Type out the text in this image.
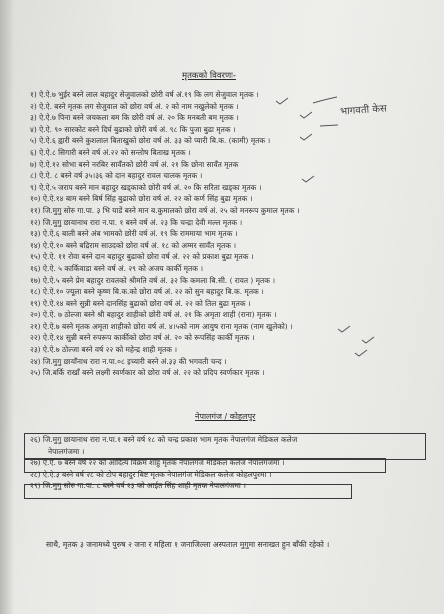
मृतकको विवरणः-
भागवती केस
१) ऐ.ऐ.७ भुईर बस्ने लाल बहादुर सेजुवालको छोरी वर्ष अं.१९ कि लग सेजुवाल मृतक ।
२) ऐ.ऐ. बस्ने मृतक लग सेजुवाल को छोरा वर्ष अं. २ को नाम नखुलेको मृतक ।
३) ऐ.ऐ.७ पिना बस्ने जयकला बम कि छोरी वर्ष अं. २० कि मनबती बम मृतक ।
४) ऐ.ऐ. ९० सारकोट बस्ने दिर्घ बुढाको छोरी वर्ष अं. ९८ कि पुजा बुढा मृतक ।
५) ऐ.ऐ.६ ह्वारी बस्ने कुशलाल बिताखुको छोरा वर्ष अं. ३३ को प्यारी बि.क. (कामी) मृतक ।
६) ऐ.ऐ.८ सिगारी बस्ने वर्ष अं.२२ को सन्तोष बिताख मृतक ।
७) ऐ.ऐ.१२ सोभा बस्ने नरबिर सावँतको छोरी वर्ष अं. २१ कि छोना सावँत मृतक
८) ऐ.ऐ. ८ बस्ने वर्ष ३५।३६ को दान बहादुर रावल चालक मृतक ।
९) ऐ.ऐ.५ जराप बस्ने मान बहादुर खड्काको छोरी वर्ष अं. २० कि सरिता खड्का मृतक ।
१०) ऐ.ऐ.१४ बाम बस्ने बिर्ष सिंह बुढाको छोरा वर्ष अं. २२ को कर्ण सिंह बुढा मृतक ।
११) जि.मुगु सोरु गा.पा. ३ भि याडें बस्ने मान ब.कुमालको छोरा वर्ष अं. २५ को मनरूप कुमाल मृतक ।
१२) जि.मुगु छायानाथ रारा न.पा. १ बस्ने वर्ष अं. २३ कि चन्द्रा देवी मल्ल मृतक ।
१३) ऐ.ऐ.६ बाली बस्ने अंब भामको छोरी वर्ष अं. १९ कि राममाया भाम मृतक ।
१४) ऐ.ऐ.१० बस्ने बद्रिराम साउदको छोरा वर्ष अं. १८ को अम्मर सावँत मृतक ।
१५) ऐ.ऐ. ११ रोवा बस्ने दान बहादुर बुढाको छोरा वर्ष अं. २२ को प्रकाश बुढा मृतक ।
१६) ऐ.ऐ. ५ कार्किवाडा बस्ने वर्ष अं. २९ को अजय कार्की मृतक ।
१७) ऐ.ऐ.५ बस्ने प्रेम बहादुर रावतको श्रीमति वर्ष अं. ३२ कि कमला बि.सी. ( रावत ) मृतक ।
१८) ऐ.ऐ.१० ज्यूला बस्ने कृष्ण बि.क.को छोरा वर्ष अं. २२ को सुन बहादुर बि.क. मृतक ।
१९) ऐ.ऐ.१४ बस्ने सुन्नी बस्ने दानसिंह बुढाको छोरा वर्ष अं. २२ को तिल बुढा मृतक ।
२०) ऐ.ऐ. ७ ठोल्जा बस्ने श्री बहादुर शाहीको छोरी वर्ष अं. २१ कि अमृता शाही (राना) मृतक ।
२१) ऐ.ऐ.७ बस्ने मृतक अमृता शाहीको छोरा वर्ष अं. ४।५को नाम आयुष राना मृतक (नाम खुलेको) ।
२२) ऐ.ऐ.१४ सुन्नी बस्ने रुपरूप कार्कीको छोरा वर्ष अं. २० को रूपसिंह कार्की मृतक ।
२३) ऐ.ऐ.७ ठोल्जा बस्ने वर्ष २२ को महेन्द्र शाही मृतक ।
२४) जि.मुगु छायाँनाथ रारा न.पा.०८ इच्यारी बस्ने अं.३३ की भगवती चन्द ।
२५) जि.बर्कि राखाँ बस्ने लक्ष्मी स्वर्णकार को छोरा वर्ष अं. २२ को प्रदिप स्वर्णकार मृतक ।
नेपालगंज / कोहलपुर
२६) जि.मुगु छायानाथ रारा न.पा.१ बस्ने वर्ष १८ को चन्द्र प्रकाश भाम मृतक नेपालगंज मेडिकल कलेज
नेपालगंजमा ।
२७) ऐ.ऐ. ७ बस्ने वर्ष २२ को आदित्य विक्रम शाहु मृतक नेपालगंज मेडिकल कलेज नेपालगंजमा ।
२८) ऐ.ऐ.३ बस्ने वर्ष २८ को टोप बहादुर बिष्ट मृतक नेपालगंज मेडिकल कलेज कोहलपुरमा ।
२९) जि.मुगु सोरु गा.पा. ८ बस्ने वर्ष २३ को आईत सिंह शाही मृतक नेपालगंजमा ।
साथै, मृतक ३ जनामध्ये पुरुष २ जना र महिला १ जनाजिल्ला अस्पताल मुगुमा सनाखत हुन बाँकी रहेको ।
